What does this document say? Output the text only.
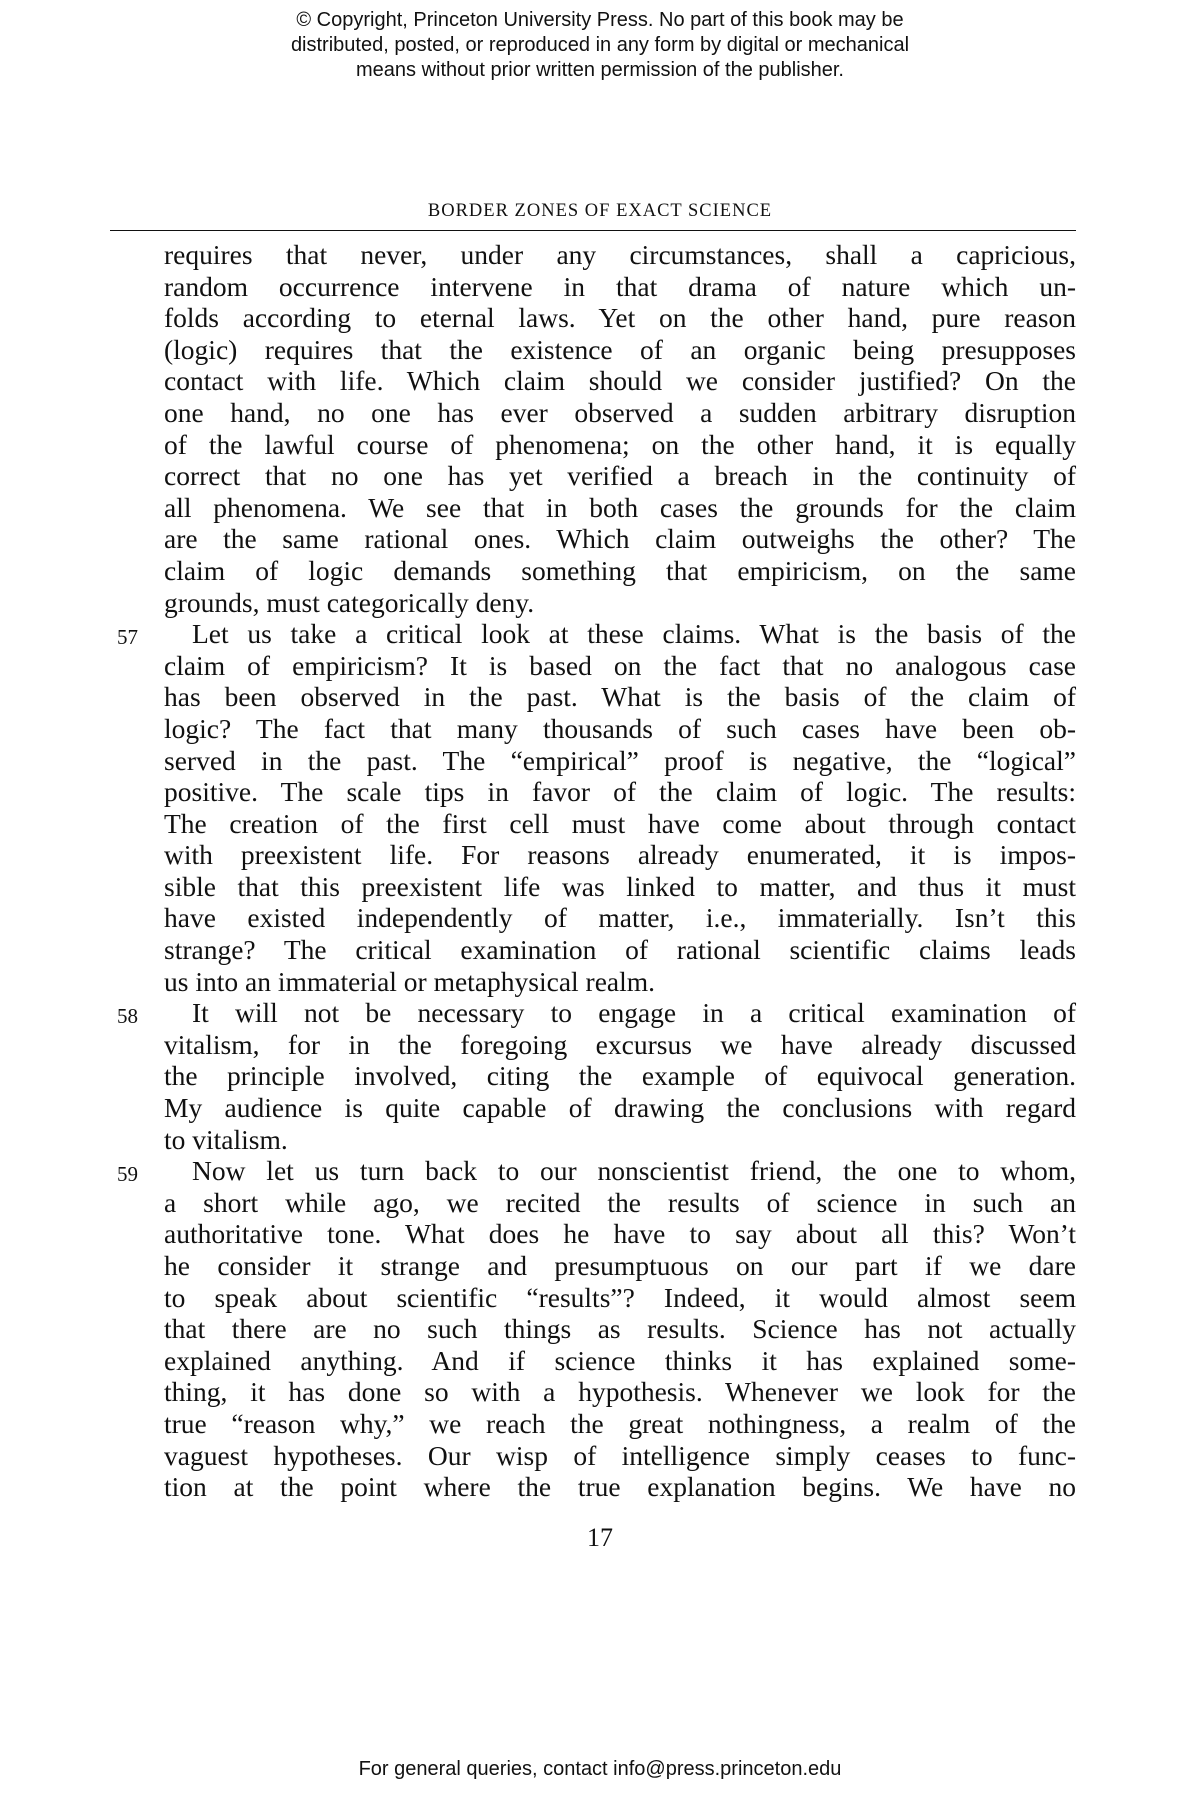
© Copyright, Princeton University Press. No part of this book may be
distributed, posted, or reproduced in any form by digital or mechanical
means without prior written permission of the publisher.
BORDER ZONES OF EXACT SCIENCE
requires that never, under any circumstances, shall a capricious,
random occurrence intervene in that drama of nature which un-
folds according to eternal laws. Yet on the other hand, pure reason
(logic) requires that the existence of an organic being presupposes
contact with life. Which claim should we consider justified? On the
one hand, no one has ever observed a sudden arbitrary disruption
of the lawful course of phenomena; on the other hand, it is equally
correct that no one has yet verified a breach in the continuity of
all phenomena. We see that in both cases the grounds for the claim
are the same rational ones. Which claim outweighs the other? The
claim of logic demands something that empiricism, on the same
grounds, must categorically deny.
57	Let us take a critical look at these claims. What is the basis of the
claim of empiricism? It is based on the fact that no analogous case
has been observed in the past. What is the basis of the claim of
logic? The fact that many thousands of such cases have been ob-
served in the past. The “empirical” proof is negative, the “logical”
positive. The scale tips in favor of the claim of logic. The results:
The creation of the first cell must have come about through contact
with preexistent life. For reasons already enumerated, it is impos-
sible that this preexistent life was linked to matter, and thus it must
have existed independently of matter, i.e., immaterially. Isn’t this
strange? The critical examination of rational scientific claims leads
us into an immaterial or metaphysical realm.
58	It will not be necessary to engage in a critical examination of
vitalism, for in the foregoing excursus we have already discussed
the principle involved, citing the example of equivocal generation.
My audience is quite capable of drawing the conclusions with regard
to vitalism.
59	Now let us turn back to our nonscientist friend, the one to whom,
a short while ago, we recited the results of science in such an
authoritative tone. What does he have to say about all this? Won’t
he consider it strange and presumptuous on our part if we dare
to speak about scientific “results”? Indeed, it would almost seem
that there are no such things as results. Science has not actually
explained anything. And if science thinks it has explained some-
thing, it has done so with a hypothesis. Whenever we look for the
true “reason why,” we reach the great nothingness, a realm of the
vaguest hypotheses. Our wisp of intelligence simply ceases to func-
tion at the point where the true explanation begins. We have no
17
For general queries, contact info@press.princeton.edu
